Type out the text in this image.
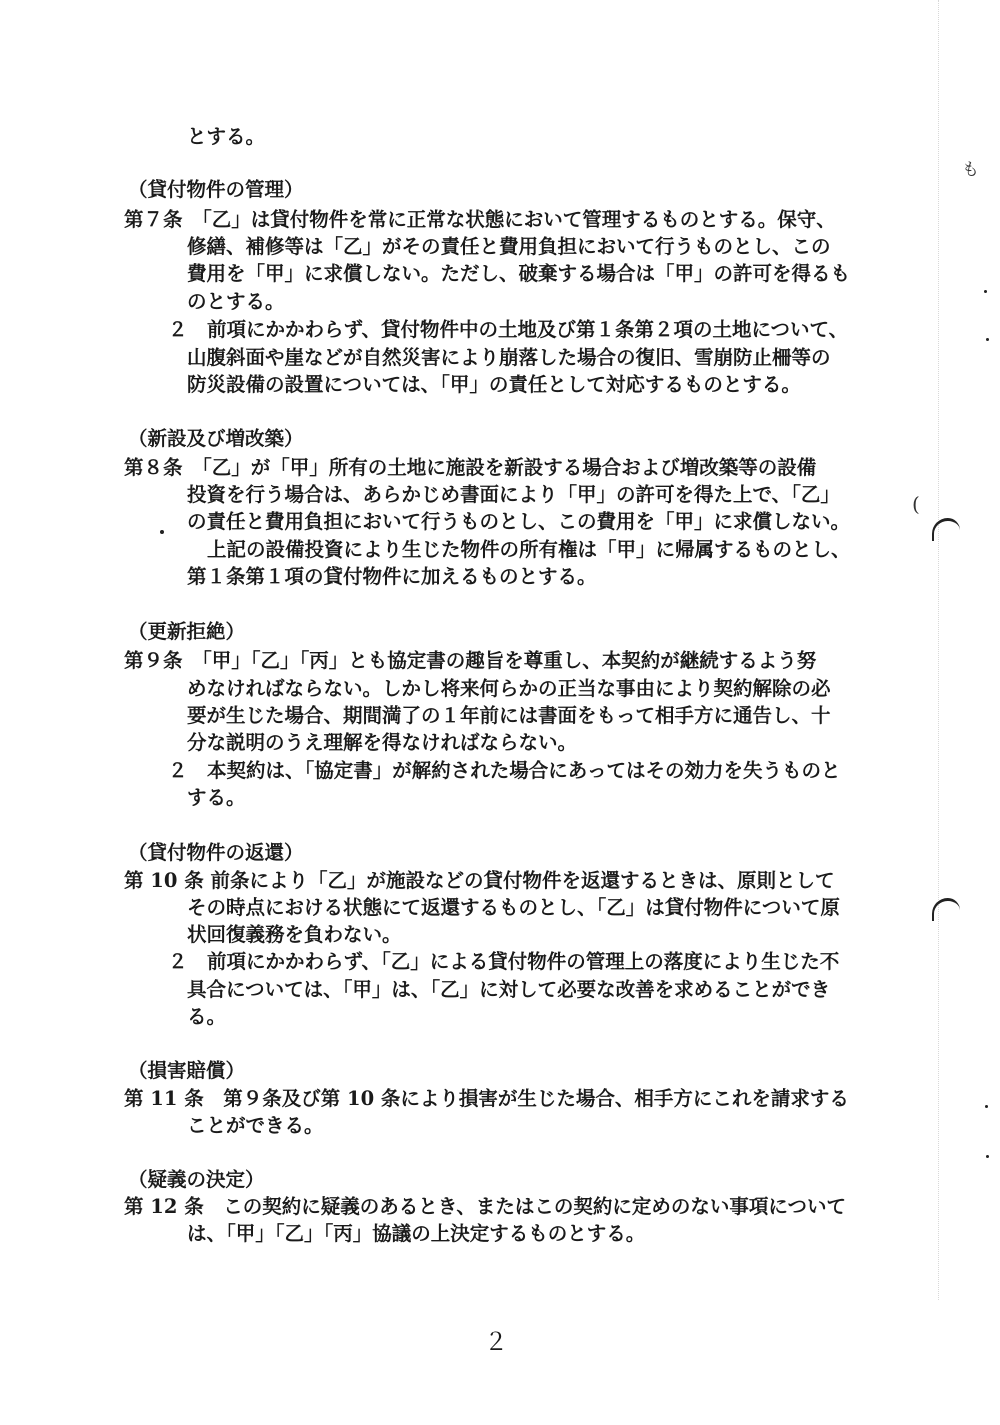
とする。
（貸付物件の管理）
第７条　「乙」は貸付物件を常に正常な状態において管理するものとする。保守、
修繕、補修等は「乙」がその責任と費用負担において行うものとし、この
費用を「甲」に求償しない。ただし、破棄する場合は「甲」の許可を得るも
のとする。
２　前項にかかわらず、貸付物件中の土地及び第１条第２項の土地について、
山腹斜面や崖などが自然災害により崩落した場合の復旧、雪崩防止柵等の
防災設備の設置については、「甲」の責任として対応するものとする。
（新設及び増改築）
第８条　「乙」が「甲」所有の土地に施設を新設する場合および増改築等の設備
投資を行う場合は、あらかじめ書面により「甲」の許可を得た上で、「乙」
の責任と費用負担において行うものとし、この費用を「甲」に求償しない。
上記の設備投資により生じた物件の所有権は「甲」に帰属するものとし、
第１条第１項の貸付物件に加えるものとする。
（更新拒絶）
第９条　「甲」「乙」「丙」とも協定書の趣旨を尊重し、本契約が継続するよう努
めなければならない。しかし将来何らかの正当な事由により契約解除の必
要が生じた場合、期間満了の１年前には書面をもって相手方に通告し、十
分な説明のうえ理解を得なければならない。
２　本契約は、「協定書」が解約された場合にあってはその効力を失うものと
する。
（貸付物件の返還）
第 10 条 前条により「乙」が施設などの貸付物件を返還するときは、原則として
その時点における状態にて返還するものとし、「乙」は貸付物件について原
状回復義務を負わない。
２　前項にかかわらず、「乙」による貸付物件の管理上の落度により生じた不
具合については、「甲」は、「乙」に対して必要な改善を求めることができ
る。
（損害賠償）
第 11 条　第９条及び第 10 条により損害が生じた場合、相手方にこれを請求する
ことができる。
（疑義の決定）
第 12 条　この契約に疑義のあるとき、またはこの契約に定めのない事項について
は、「甲」「乙」「丙」協議の上決定するものとする。
２
も
(
